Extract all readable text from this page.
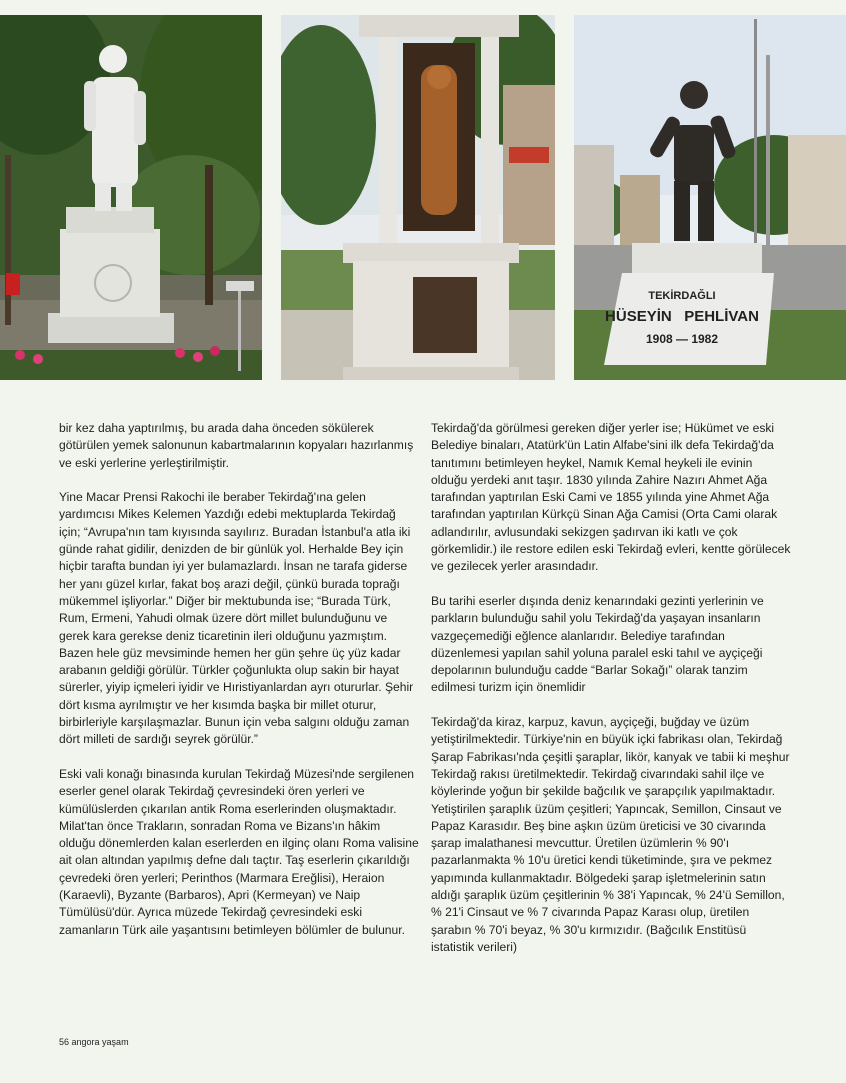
TEKİRDAĞLI
HÜSEYİN   PEHLİVAN
1908 — 1982

bir kez daha yaptırılmış, bu arada daha önceden sökülerek götürülen yemek salonunun kabartmalarının kopyaları hazırlanmış ve eski yerlerine yerleştirilmiştir.

Yine Macar Prensi Rakochi ile beraber Tekirdağ'ına gelen yardımcısı Mikes Kelemen Yazdığı edebi mektuplarda Tekirdağ için; “Avrupa'nın tam kıyısında sayılırız. Buradan İstanbul'a atla iki günde rahat gidilir, denizden de bir günlük yol. Herhalde Bey için hiçbir tarafta bundan iyi yer bulamazlardı. İnsan ne tarafa giderse her yanı güzel kırlar, fakat boş arazi değil, çünkü burada toprağı mükemmel işliyorlar.” Diğer bir mektubunda ise; “Burada Türk, Rum, Ermeni, Yahudi olmak üzere dört millet bulunduğunu ve gerek kara gerekse deniz ticaretinin ileri olduğunu yazmıştım. Bazen hele güz mevsiminde hemen her gün şehre üç yüz kadar arabanın geldiği görülür. Türkler çoğunlukta olup sakin bir hayat sürerler, yiyip içmeleri iyidir ve Hıristiyanlardan ayrı otururlar. Şehir dört kısma ayrılmıştır ve her kısımda başka bir millet oturur, birbirleriyle karşılaşmazlar. Bunun için veba salgını olduğu zaman dört milleti de sardığı seyrek görülür.”

Eski vali konağı binasında kurulan Tekirdağ Müzesi'nde sergilenen eserler genel olarak Tekirdağ çevresindeki ören yerleri ve kümülüslerden çıkarılan antik Roma eserlerinden oluşmaktadır. Milat'tan önce Trakların, sonradan Roma ve Bizans'ın hâkim olduğu dönemlerden kalan eserlerden en ilginç olanı Roma valisine ait olan altından yapılmış defne dalı taçtır. Taş eserlerin çıkarıldığı çevredeki ören yerleri; Perinthos (Marmara Ereğlisi), Heraion (Karaevli), Byzante (Barbaros), Apri (Kermeyan) ve Naip Tümülüsü'dür. Ayrıca müzede Tekirdağ çevresindeki eski zamanların Türk aile yaşantısını betimleyen bölümler de bulunur.

Tekirdağ'da görülmesi gereken diğer yerler ise; Hükümet ve eski Belediye binaları, Atatürk'ün Latin Alfabe'sini ilk defa Tekirdağ'da tanıtımını betimleyen heykel, Namık Kemal heykeli ile evinin olduğu yerdeki anıt taşır. 1830 yılında Zahire Nazırı Ahmet Ağa tarafından yaptırılan Eski Cami ve 1855 yılında yine Ahmet Ağa tarafından yaptırılan Kürkçü Sinan Ağa Camisi (Orta Cami olarak adlandırılır, avlusundaki sekizgen şadırvan iki katlı ve çok görkemlidir.) ile restore edilen eski Tekirdağ evleri, kentte görülecek ve gezilecek yerler arasındadır.

Bu tarihi eserler dışında deniz kenarındaki gezinti yerlerinin ve parkların bulunduğu sahil yolu Tekirdağ'da yaşayan insanların vazgeçemediği eğlence alanlarıdır. Belediye tarafından düzenlemesi yapılan sahil yoluna paralel eski tahıl ve ayçiçeği depolarının bulunduğu cadde “Barlar Sokağı” olarak tanzim edilmesi turizm için önemlidir

Tekirdağ'da kiraz, karpuz, kavun, ayçiçeği, buğday ve üzüm yetiştirilmektedir. Türkiye'nin en büyük içki fabrikası olan, Tekirdağ Şarap Fabrikası'nda çeşitli şaraplar, likör, kanyak ve tabii ki meşhur Tekirdağ rakısı üretilmektedir. Tekirdağ civarındaki sahil ilçe ve köylerinde yoğun bir şekilde bağcılık ve şarapçılık yapılmaktadır. Yetiştirilen şaraplık üzüm çeşitleri; Yapıncak, Semillon, Cinsaut ve Papaz Karasıdır. Beş bine aşkın üzüm üreticisi ve 30 civarında şarap imalathanesi mevcuttur. Üretilen üzümlerin % 90'ı pazarlanmakta % 10'u üretici kendi tüketiminde, şıra ve pekmez yapımında kullanmaktadır. Bölgedeki şarap işletmelerinin satın aldığı şaraplık üzüm çeşitlerinin % 38'i Yapıncak, % 24'ü Semillon, % 21'i Cinsaut ve % 7 civarında Papaz Karası olup, üretilen şarabın % 70'i beyaz, % 30'u kırmızıdır. (Bağcılık Enstitüsü istatistik verileri)

56 angora yaşam
